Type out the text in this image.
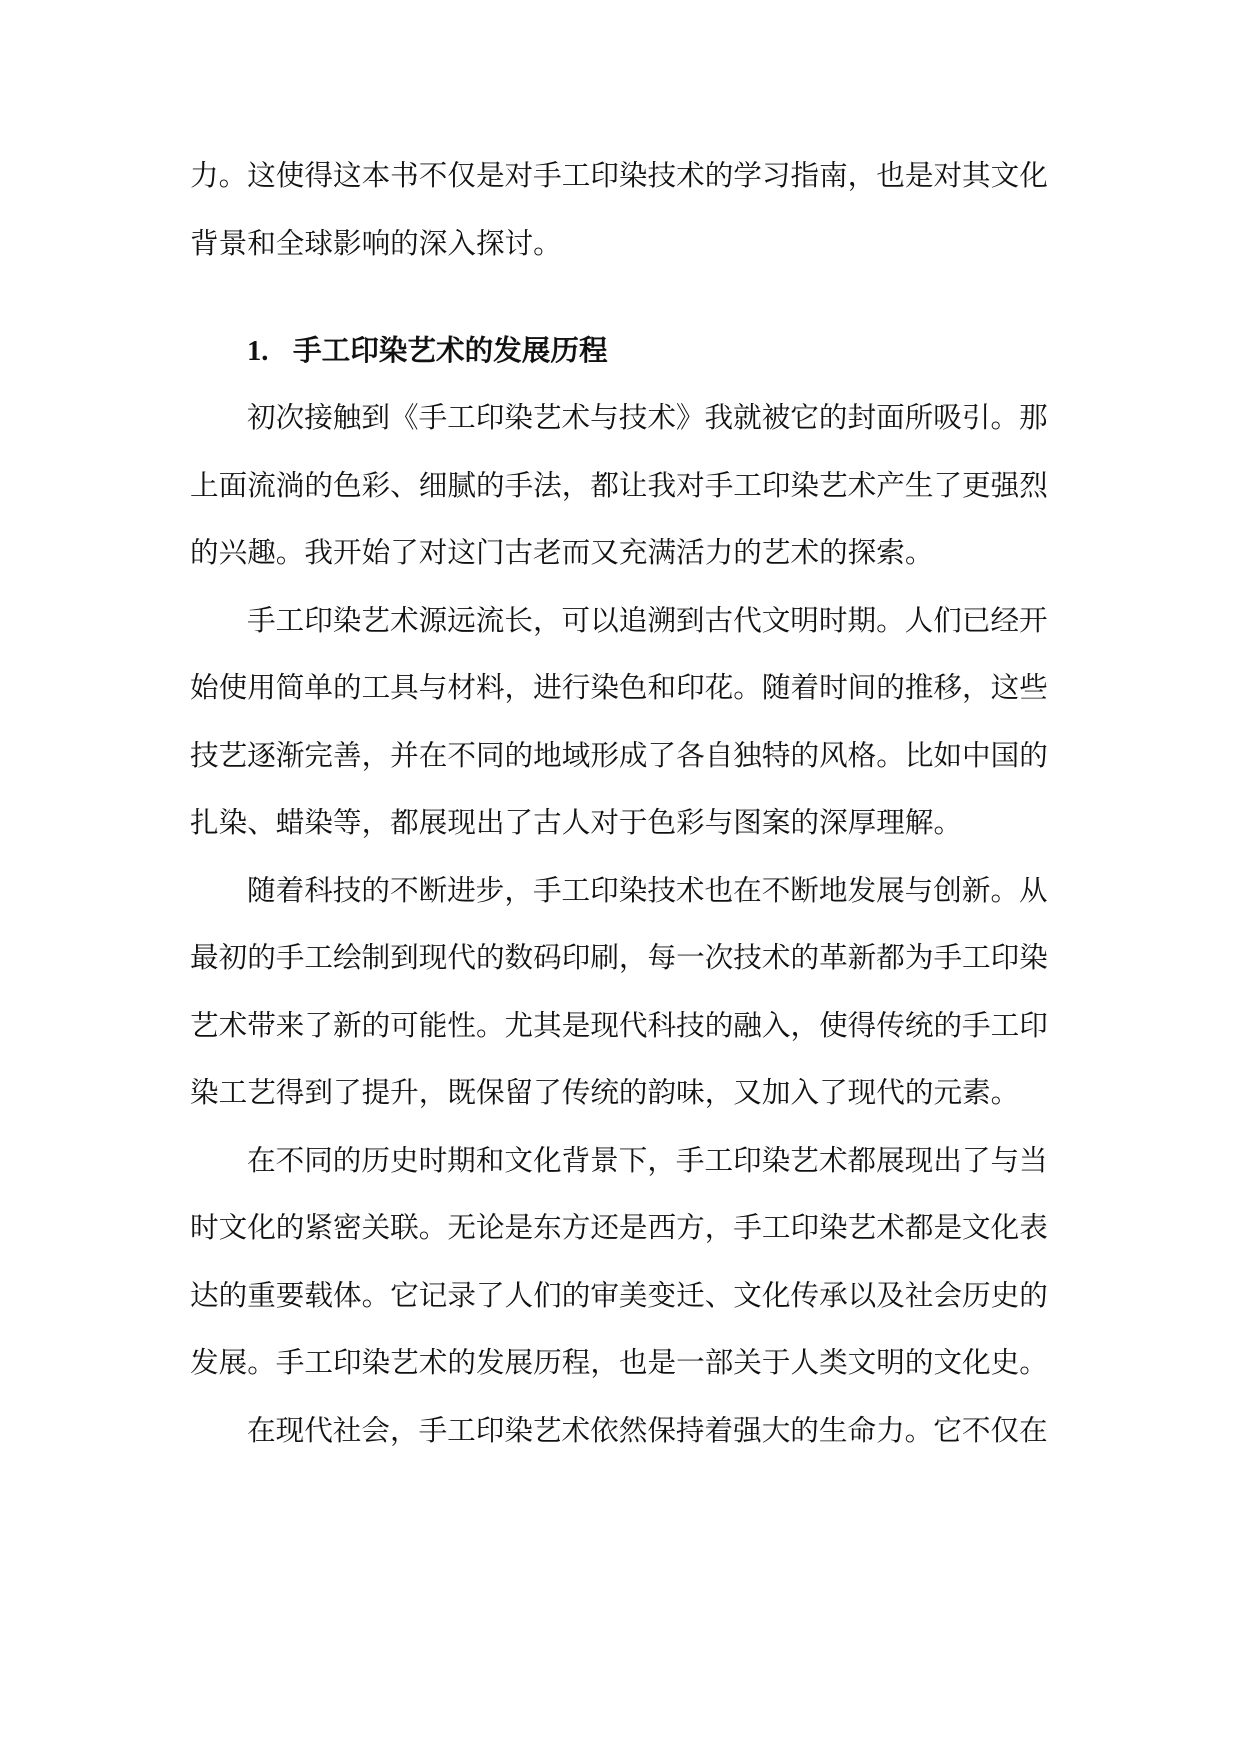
力。这使得这本书不仅是对手工印染技术的学习指南，也是对其文化
背景和全球影响的深入探讨。
1. 手工印染艺术的发展历程
初次接触到《手工印染艺术与技术》我就被它的封面所吸引。那
上面流淌的色彩、细腻的手法，都让我对手工印染艺术产生了更强烈
的兴趣。我开始了对这门古老而又充满活力的艺术的探索。
手工印染艺术源远流长，可以追溯到古代文明时期。人们已经开
始使用简单的工具与材料，进行染色和印花。随着时间的推移，这些
技艺逐渐完善，并在不同的地域形成了各自独特的风格。比如中国的
扎染、蜡染等，都展现出了古人对于色彩与图案的深厚理解。
随着科技的不断进步，手工印染技术也在不断地发展与创新。从
最初的手工绘制到现代的数码印刷，每一次技术的革新都为手工印染
艺术带来了新的可能性。尤其是现代科技的融入，使得传统的手工印
染工艺得到了提升，既保留了传统的韵味，又加入了现代的元素。
在不同的历史时期和文化背景下，手工印染艺术都展现出了与当
时文化的紧密关联。无论是东方还是西方，手工印染艺术都是文化表
达的重要载体。它记录了人们的审美变迁、文化传承以及社会历史的
发展。手工印染艺术的发展历程，也是一部关于人类文明的文化史。
在现代社会，手工印染艺术依然保持着强大的生命力。它不仅在
